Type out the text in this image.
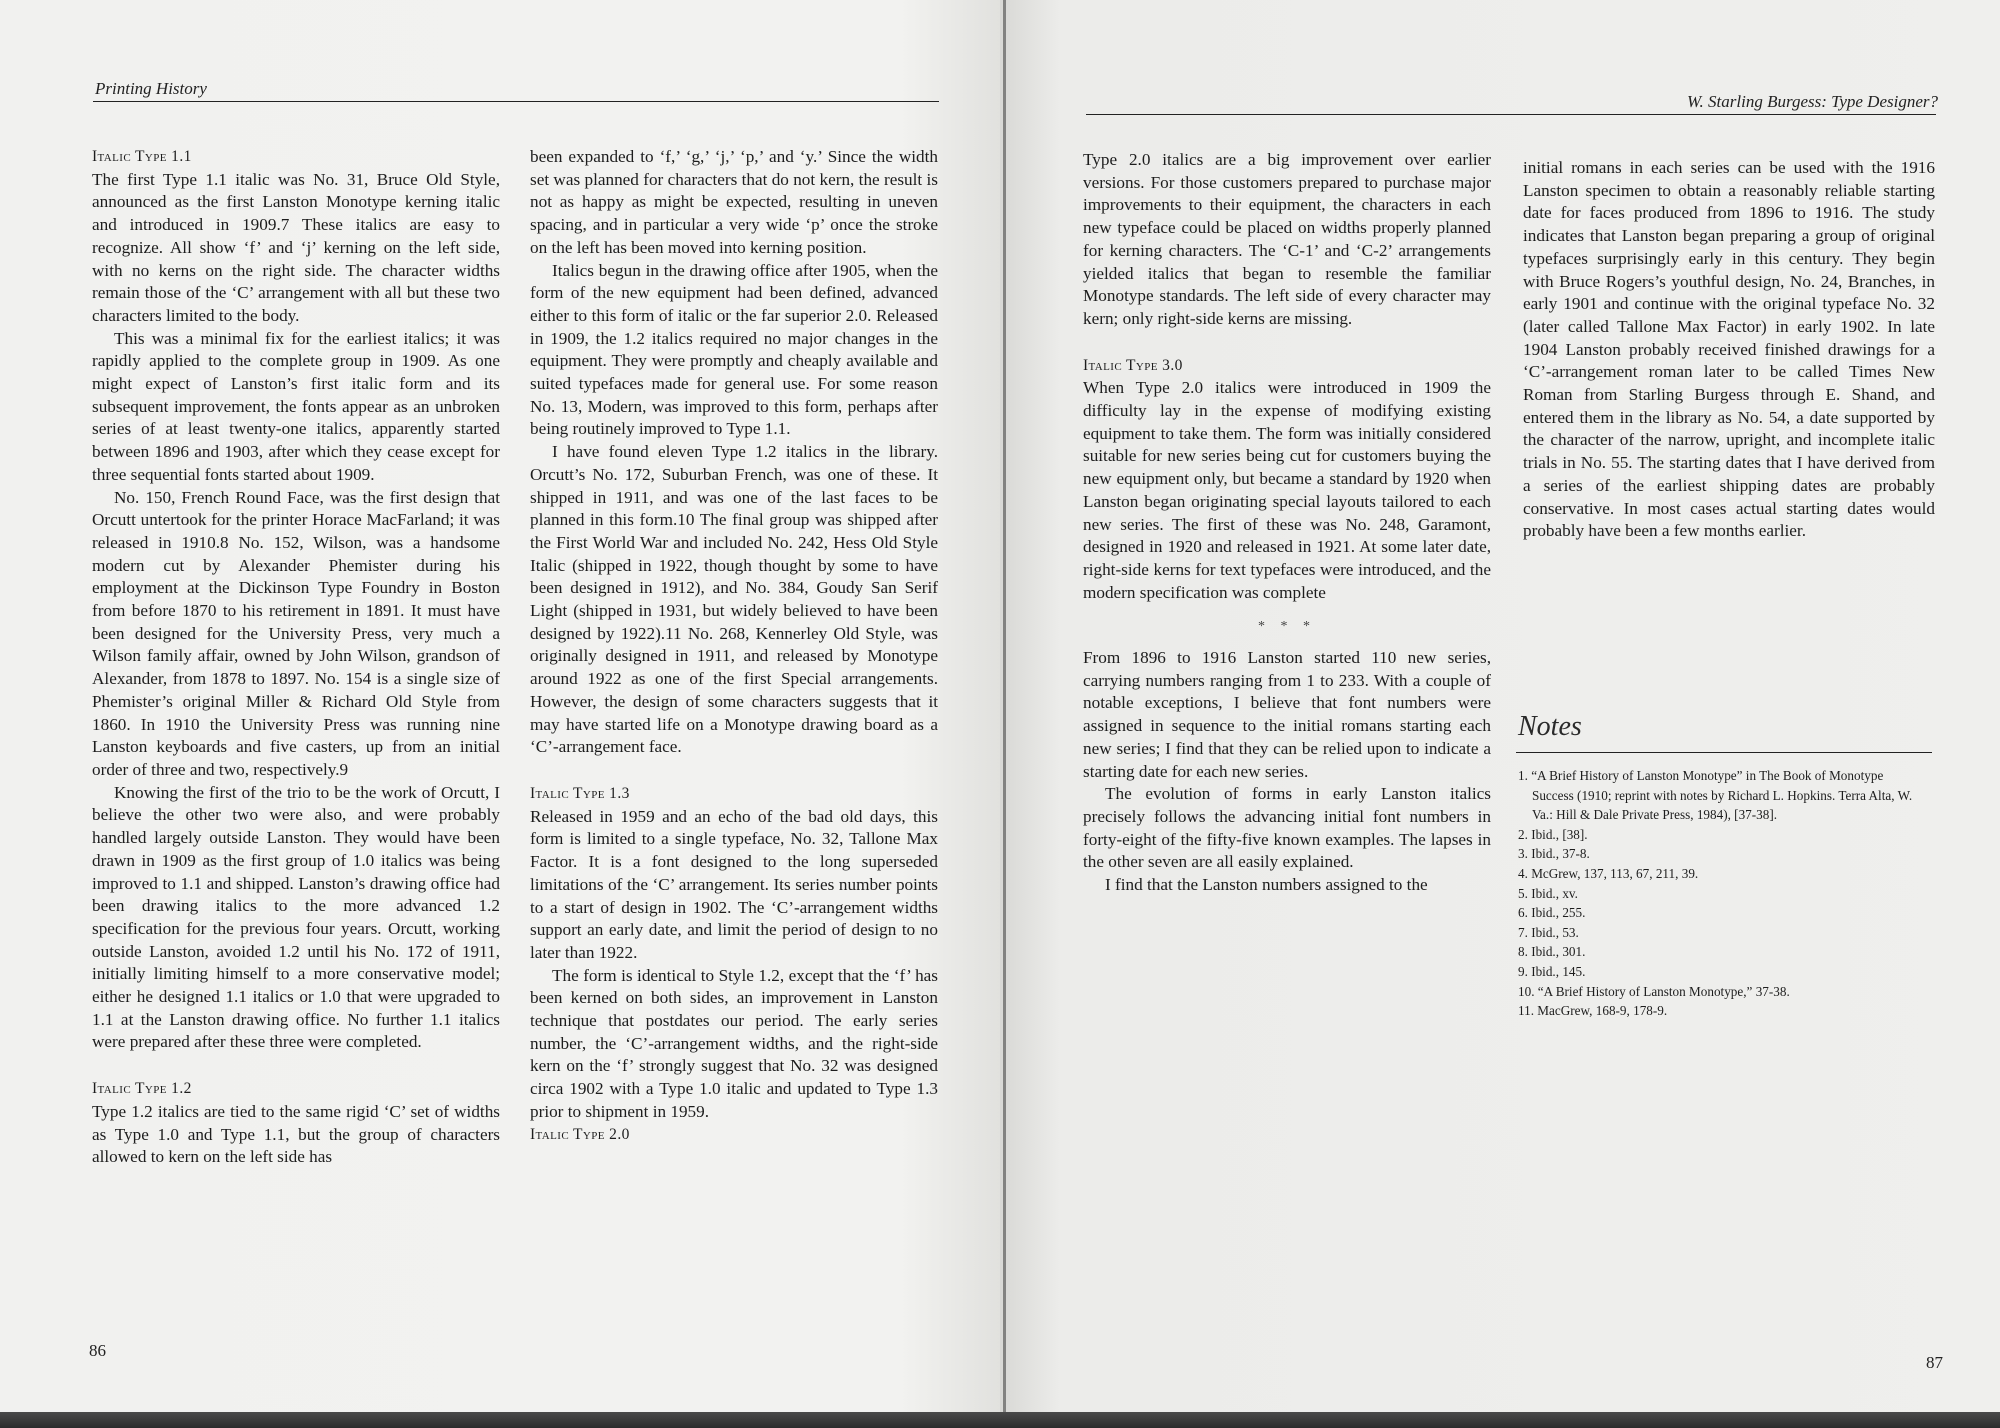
Printing History
Italic Type 1.1

The first Type 1.1 italic was No. 31, Bruce Old Style, announced as the first Lanston Monotype kerning italic and introduced in 1909.7 These italics are easy to recognize. All show ‘f’ and ‘j’ kerning on the left side, with no kerns on the right side. The character widths remain those of the ‘C’ arrangement with all but these two characters limited to the body.

This was a minimal fix for the earliest italics; it was rapidly applied to the complete group in 1909. As one might expect of Lanston’s first italic form and its subsequent improvement, the fonts appear as an unbroken series of at least twenty-one italics, apparently started between 1896 and 1903, after which they cease except for three sequential fonts started about 1909.

No. 150, French Round Face, was the first design that Orcutt untertook for the printer Horace MacFarland; it was released in 1910.8 No. 152, Wilson, was a handsome modern cut by Alexander Phemister during his employment at the Dickinson Type Foundry in Boston from before 1870 to his retirement in 1891. It must have been designed for the University Press, very much a Wilson family affair, owned by John Wilson, grandson of Alexander, from 1878 to 1897. No. 154 is a single size of Phemister’s original Miller & Richard Old Style from 1860. In 1910 the University Press was running nine Lanston keyboards and five casters, up from an initial order of three and two, respectively.9

Knowing the first of the trio to be the work of Orcutt, I believe the other two were also, and were probably handled largely outside Lanston. They would have been drawn in 1909 as the first group of 1.0 italics was being improved to 1.1 and shipped. Lanston’s drawing office had been drawing italics to the more advanced 1.2 specification for the previous four years. Orcutt, working outside Lanston, avoided 1.2 until his No. 172 of 1911, initially limiting himself to a more conservative model; either he designed 1.1 italics or 1.0 that were upgraded to 1.1 at the Lanston drawing office. No further 1.1 italics were prepared after these three were completed.

Italic Type 1.2

Type 1.2 italics are tied to the same rigid ‘C’ set of widths as Type 1.0 and Type 1.1, but the group of characters allowed to kern on the left side has

been expanded to ‘f,’ ‘g,’ ‘j,’ ‘p,’ and ‘y.’ Since the width set was planned for characters that do not kern, the result is not as happy as might be expected, resulting in uneven spacing, and in particular a very wide ‘p’ once the stroke on the left has been moved into kerning position.

Italics begun in the drawing office after 1905, when the form of the new equipment had been defined, advanced either to this form of italic or the far superior 2.0. Released in 1909, the 1.2 italics required no major changes in the equipment. They were promptly and cheaply available and suited typefaces made for general use. For some reason No. 13, Modern, was improved to this form, perhaps after being routinely improved to Type 1.1.

I have found eleven Type 1.2 italics in the library. Orcutt’s No. 172, Suburban French, was one of these. It shipped in 1911, and was one of the last faces to be planned in this form.10 The final group was shipped after the First World War and included No. 242, Hess Old Style Italic (shipped in 1922, though thought by some to have been designed in 1912), and No. 384, Goudy San Serif Light (shipped in 1931, but widely believed to have been designed by 1922).11 No. 268, Kennerley Old Style, was originally designed in 1911, and released by Monotype around 1922 as one of the first Special arrangements. However, the design of some characters suggests that it may have started life on a Monotype drawing board as a ‘C’-arrangement face.

Italic Type 1.3

Released in 1959 and an echo of the bad old days, this form is limited to a single typeface, No. 32, Tallone Max Factor. It is a font designed to the long superseded limitations of the ‘C’ arrangement. Its series number points to a start of design in 1902. The ‘C’-arrangement widths support an early date, and limit the period of design to no later than 1922.

The form is identical to Style 1.2, except that the ‘f’ has been kerned on both sides, an improvement in Lanston technique that postdates our period. The early series number, the ‘C’-arrangement widths, and the right-side kern on the ‘f’ strongly suggest that No. 32 was designed circa 1902 with a Type 1.0 italic and updated to Type 1.3 prior to shipment in 1959.

Italic Type 2.0
86
W. Starling Burgess: Type Designer?

Type 2.0 italics are a big improvement over earlier versions. For those customers prepared to purchase major improvements to their equipment, the characters in each new typeface could be placed on widths properly planned for kerning characters. The ‘C-1’ and ‘C-2’ arrangements yielded italics that began to resemble the familiar Monotype standards. The left side of every character may kern; only right-side kerns are missing.

Italic Type 3.0

When Type 2.0 italics were introduced in 1909 the difficulty lay in the expense of modifying existing equipment to take them. The form was initially considered suitable for new series being cut for customers buying the new equipment only, but became a standard by 1920 when Lanston began originating special layouts tailored to each new series. The first of these was No. 248, Garamont, designed in 1920 and released in 1921. At some later date, right-side kerns for text typefaces were introduced, and the modern specification was complete

* * *

From 1896 to 1916 Lanston started 110 new series, carrying numbers ranging from 1 to 233. With a couple of notable exceptions, I believe that font numbers were assigned in sequence to the initial romans starting each new series; I find that they can be relied upon to indicate a starting date for each new series.

The evolution of forms in early Lanston italics precisely follows the advancing initial font numbers in forty-eight of the fifty-five known examples. The lapses in the other seven are all easily explained.

I find that the Lanston numbers assigned to the

initial romans in each series can be used with the 1916 Lanston specimen to obtain a reasonably reliable starting date for faces produced from 1896 to 1916. The study indicates that Lanston began preparing a group of original typefaces surprisingly early in this century. They begin with Bruce Rogers’s youthful design, No. 24, Branches, in early 1901 and continue with the original typeface No. 32 (later called Tallone Max Factor) in early 1902. In late 1904 Lanston probably received finished drawings for a ‘C’-arrangement roman later to be called Times New Roman from Starling Burgess through E. Shand, and entered them in the library as No. 54, a date supported by the character of the narrow, upright, and incomplete italic trials in No. 55. The starting dates that I have derived from a series of the earliest shipping dates are probably conservative. In most cases actual starting dates would probably have been a few months earlier.

Notes
1. “A Brief History of Lanston Monotype” in The Book of Monotype Success (1910; reprint with notes by Richard L. Hopkins. Terra Alta, W. Va.: Hill & Dale Private Press, 1984), [37-38].
2. Ibid., [38].
3. Ibid., 37-8.
4. McGrew, 137, 113, 67, 211, 39.
5. Ibid., xv.
6. Ibid., 255.
7. Ibid., 53.
8. Ibid., 301.
9. Ibid., 145.
10. “A Brief History of Lanston Monotype,” 37-38.
11. MacGrew, 168-9, 178-9.
87
